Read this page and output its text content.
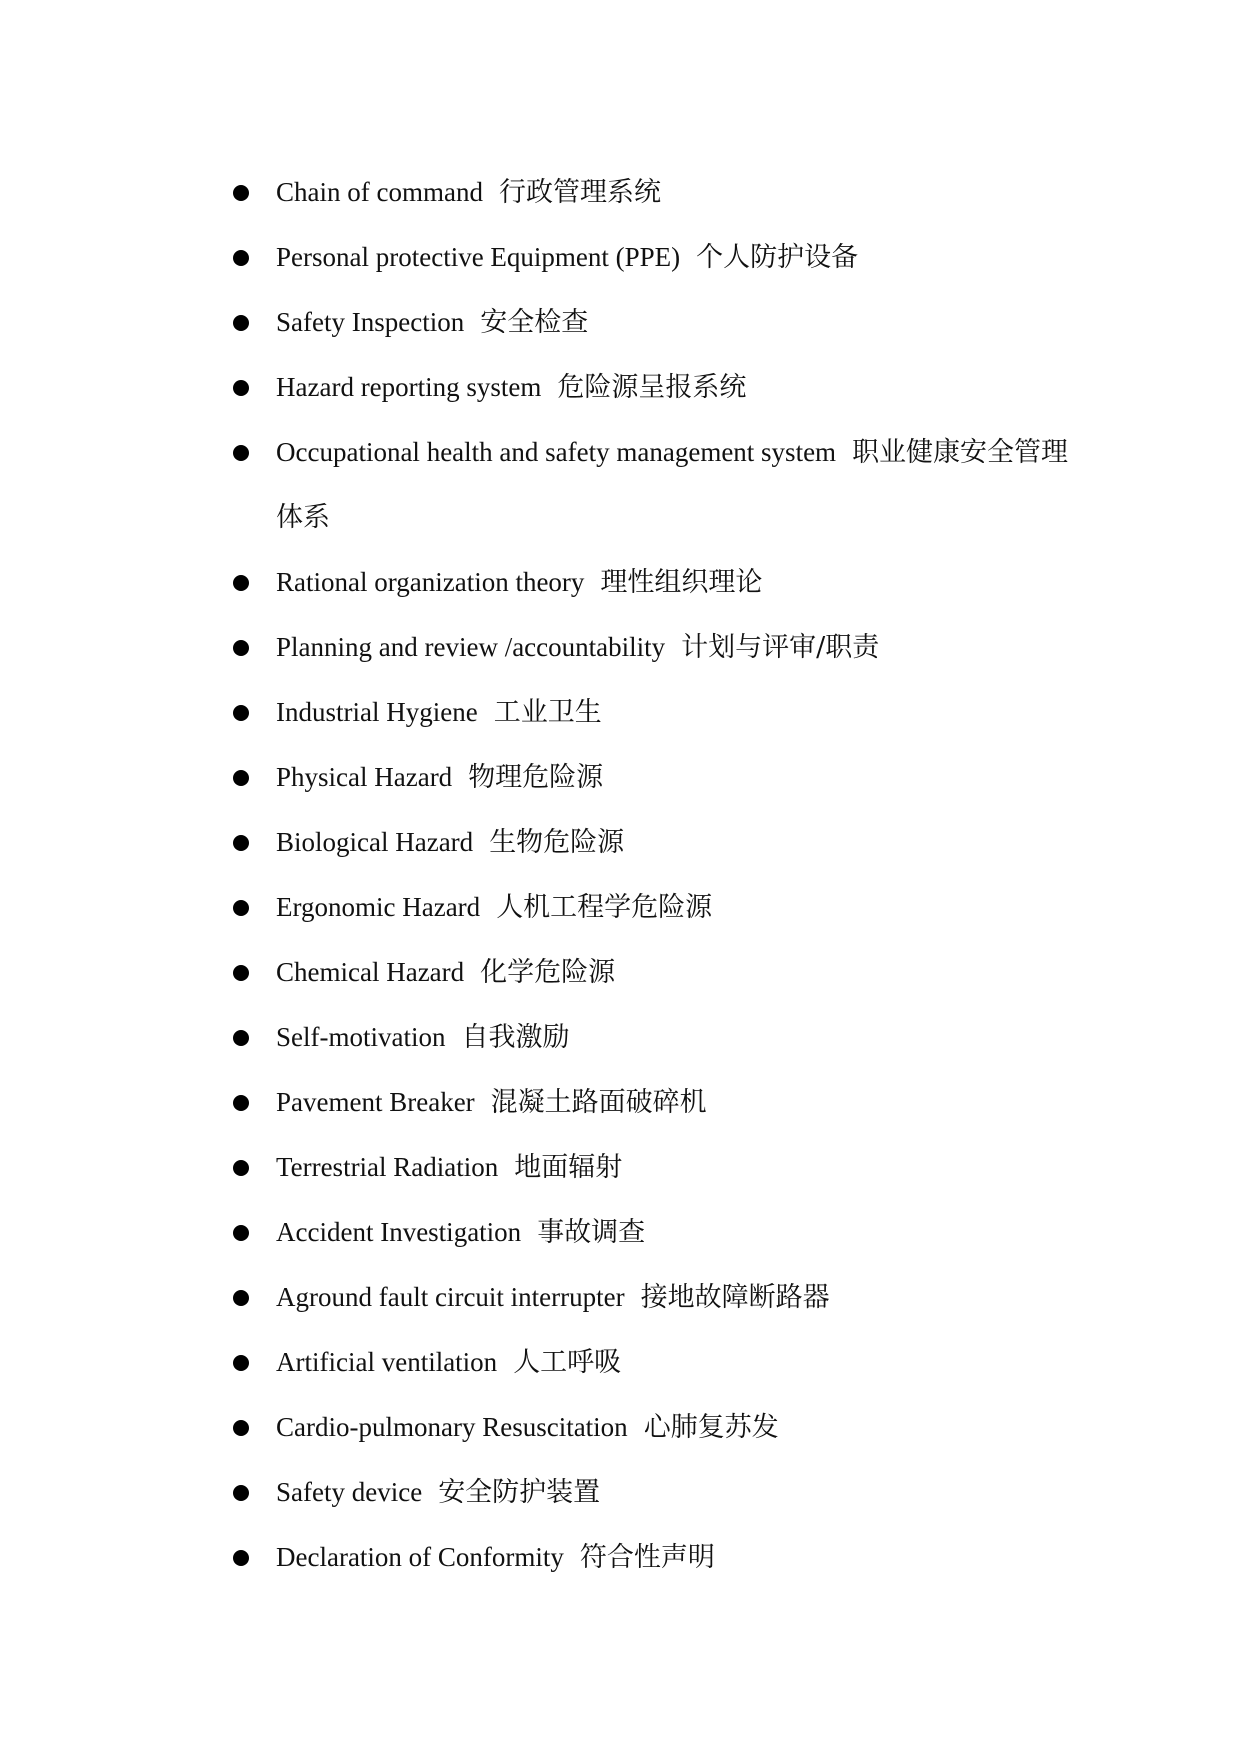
Chain of command 行政管理系统
Personal protective Equipment (PPE) 个人防护设备
Safety Inspection 安全检查
Hazard reporting system 危险源呈报系统
Occupational health and safety management system 职业健康安全管理体系
Rational organization theory 理性组织理论
Planning and review /accountability 计划与评审/职责
Industrial Hygiene 工业卫生
Physical Hazard 物理危险源
Biological Hazard 生物危险源
Ergonomic Hazard 人机工程学危险源
Chemical Hazard 化学危险源
Self-motivation 自我激励
Pavement Breaker 混凝土路面破碎机
Terrestrial Radiation 地面辐射
Accident Investigation 事故调查
Aground fault circuit interrupter 接地故障断路器
Artificial ventilation 人工呼吸
Cardio-pulmonary Resuscitation 心肺复苏发
Safety device 安全防护装置
Declaration of Conformity 符合性声明
